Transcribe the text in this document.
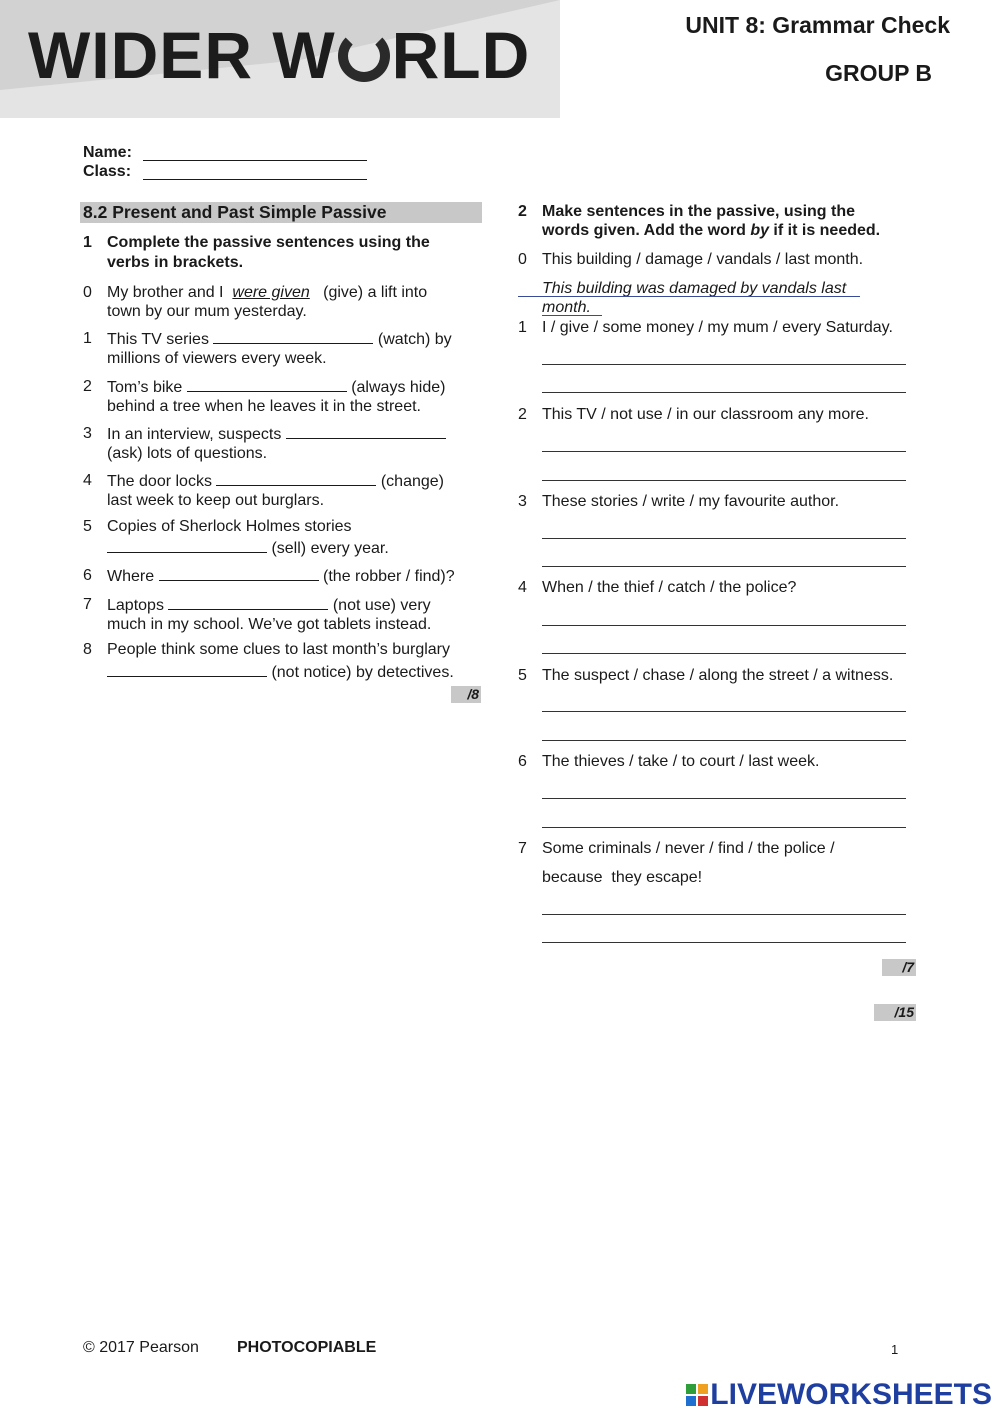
WIDER W RLD	UNIT 8: Grammar Check
GROUP B
Name:
Class:
8.2 Present and Past Simple Passive
1 Complete the passive sentences using the verbs in brackets.
0 My brother and I were given (give) a lift into
town by our mum yesterday.
1 This TV series	(watch) by
millions of viewers every week.
2 Tom’s bike	(always hide)
behind a tree when he leaves it in the street.
3 In an interview, suspects
(ask) lots of questions.
4 The door locks	(change)
last week to keep out burglars.
5 Copies of Sherlock Holmes stories
(sell) every year.
6 Where	(the robber / find)?
7 Laptops	(not use) very
much in my school. We’ve got tablets instead.
8 People think some clues to last month’s burglary
(not notice) by detectives.
/8
2 Make sentences in the passive, using the
words given. Add the word by if it is needed.
0 This building / damage / vandals / last month.
This building was damaged by vandals last
month.
1 I / give / some money / my mum / every Saturday.
2 This TV / not use / in our classroom any more.
3 These stories / write / my favourite author.
4 When / the thief / catch / the police?
5 The suspect / chase / along the street / a witness.
6 The thieves / take / to court / last week.
7 Some criminals / never / find / the police /
because  they escape!
/7
/15
© 2017 Pearson PHOTOCOPIABLE	1
LIVEWORKSHEETS
